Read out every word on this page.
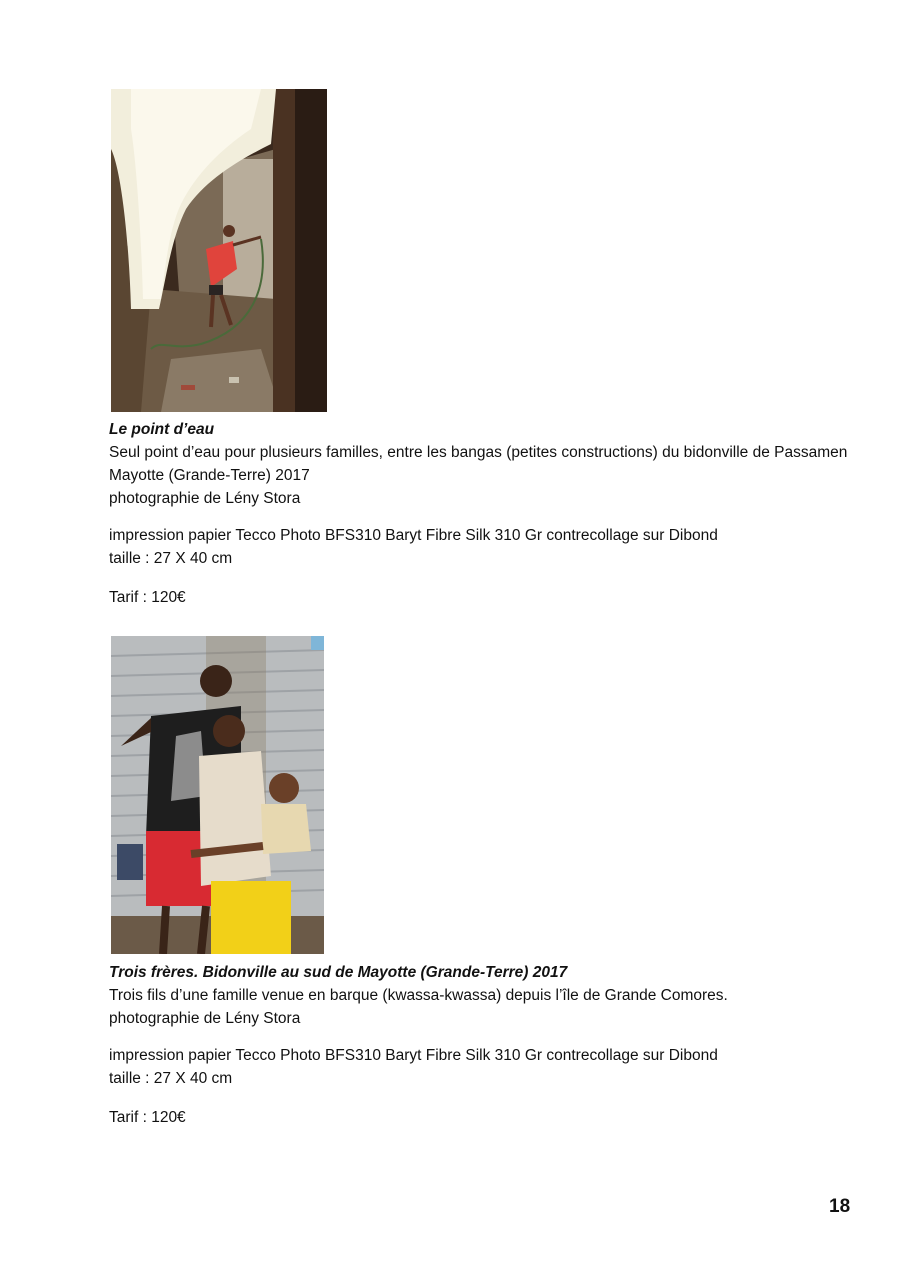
Le point d’eau
Seul point d’eau pour plusieurs familles, entre les bangas (petites constructions) du bidonville de Passamen
Mayotte (Grande-Terre) 2017
photographie de Lény Stora
impression papier Tecco Photo BFS310 Baryt Fibre Silk 310 Gr contrecollage sur Dibond
taille : 27 X 40 cm
Tarif : 120€
Trois frères. Bidonville au sud de Mayotte (Grande-Terre) 2017
Trois fils d’une famille venue en barque (kwassa-kwassa) depuis l’île de Grande Comores.
photographie de Lény Stora
impression papier Tecco Photo BFS310 Baryt Fibre Silk 310 Gr contrecollage sur Dibond
taille : 27 X 40 cm
Tarif : 120€
18
